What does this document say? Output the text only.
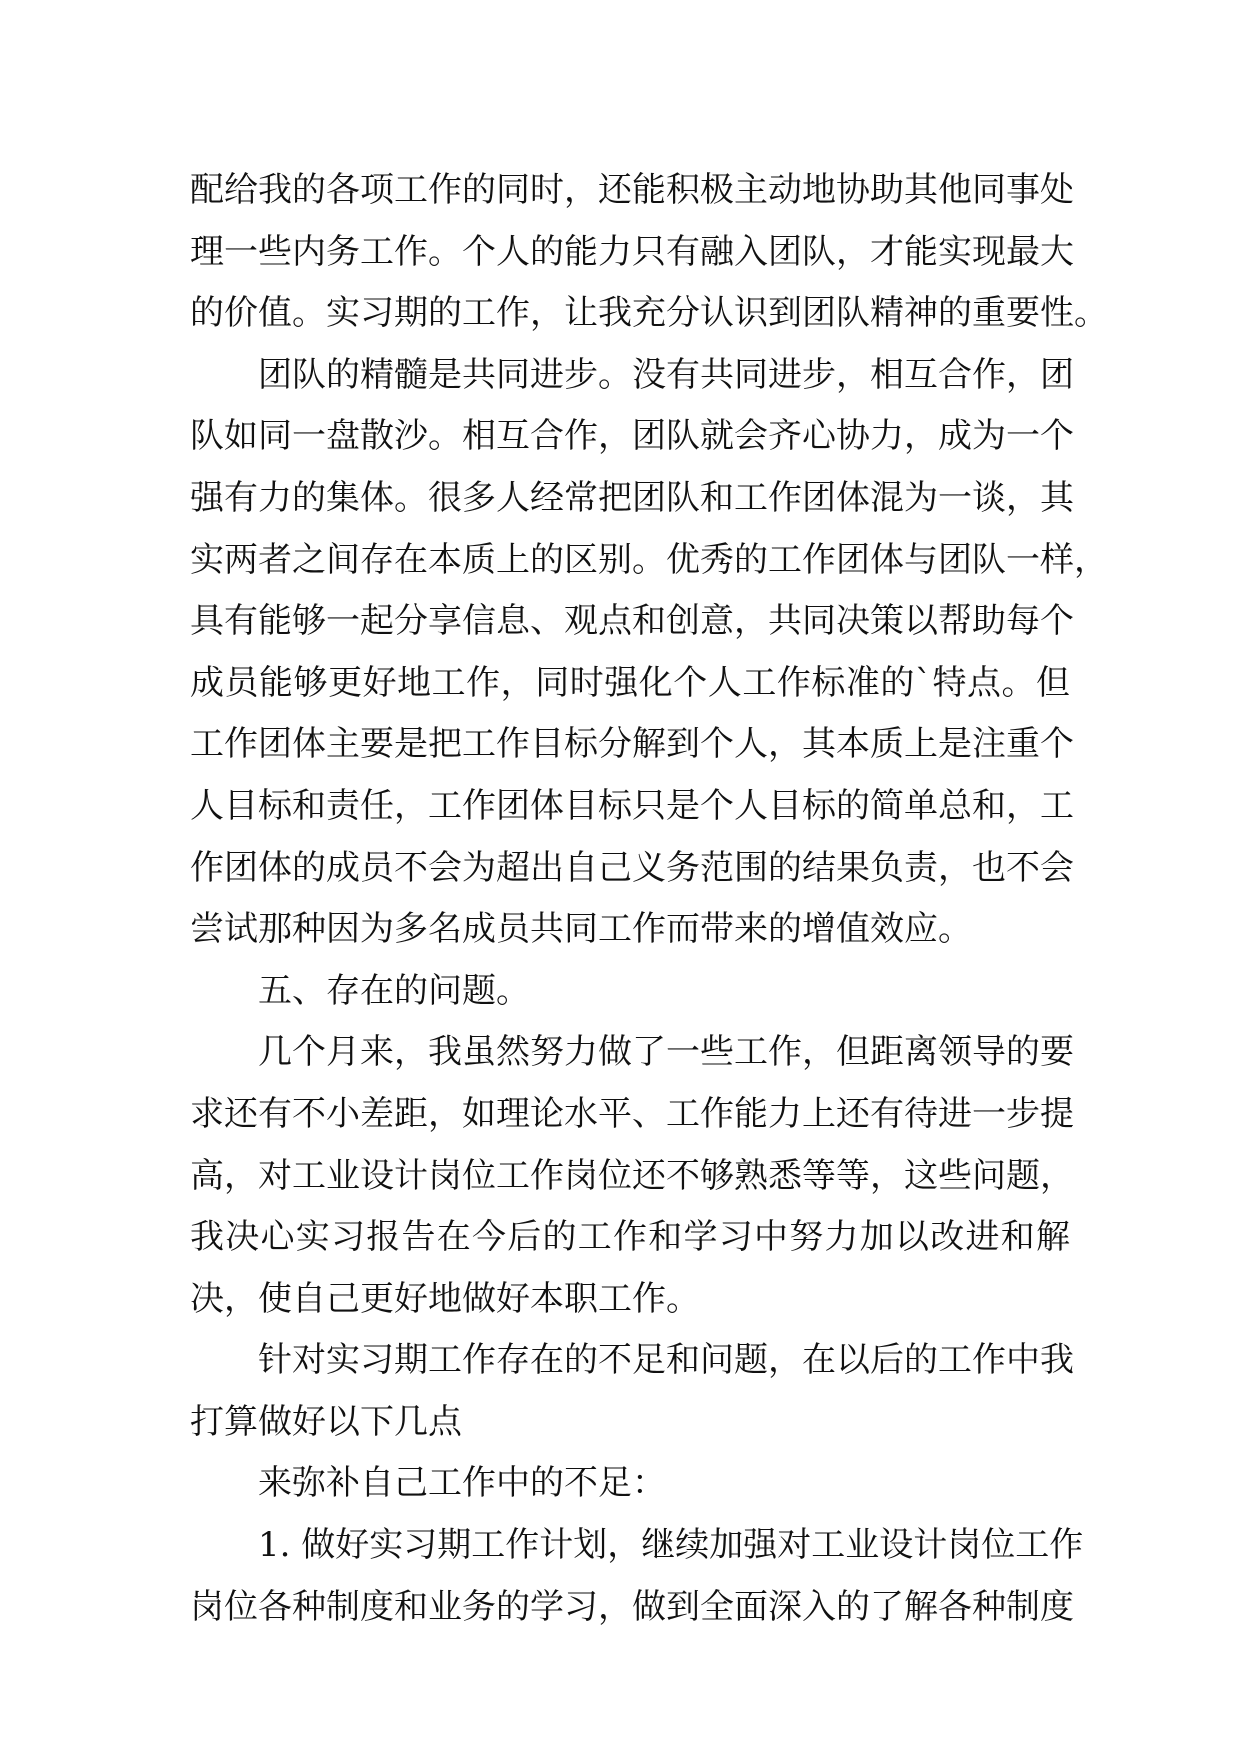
配给我的各项工作的同时，还能积极主动地协助其他同事处
理一些内务工作。个人的能力只有融入团队，才能实现最大
的价值。实习期的工作，让我充分认识到团队精神的重要性。
团队的精髓是共同进步。没有共同进步，相互合作，团
队如同一盘散沙。相互合作，团队就会齐心协力，成为一个
强有力的集体。很多人经常把团队和工作团体混为一谈，其
实两者之间存在本质上的区别。优秀的工作团体与团队一样，
具有能够一起分享信息、观点和创意，共同决策以帮助每个
成员能够更好地工作，同时强化个人工作标准的`特点。但
工作团体主要是把工作目标分解到个人，其本质上是注重个
人目标和责任，工作团体目标只是个人目标的简单总和，工
作团体的成员不会为超出自己义务范围的结果负责，也不会
尝试那种因为多名成员共同工作而带来的增值效应。
五、存在的问题。
几个月来，我虽然努力做了一些工作，但距离领导的要
求还有不小差距，如理论水平、工作能力上还有待进一步提
高，对工业设计岗位工作岗位还不够熟悉等等，这些问题，
我决心实习报告在今后的工作和学习中努力加以改进和解
决，使自己更好地做好本职工作。
针对实习期工作存在的不足和问题，在以后的工作中我
打算做好以下几点
来弥补自己工作中的不足：
1. 做好实习期工作计划，继续加强对工业设计岗位工作
岗位各种制度和业务的学习，做到全面深入的了解各种制度
